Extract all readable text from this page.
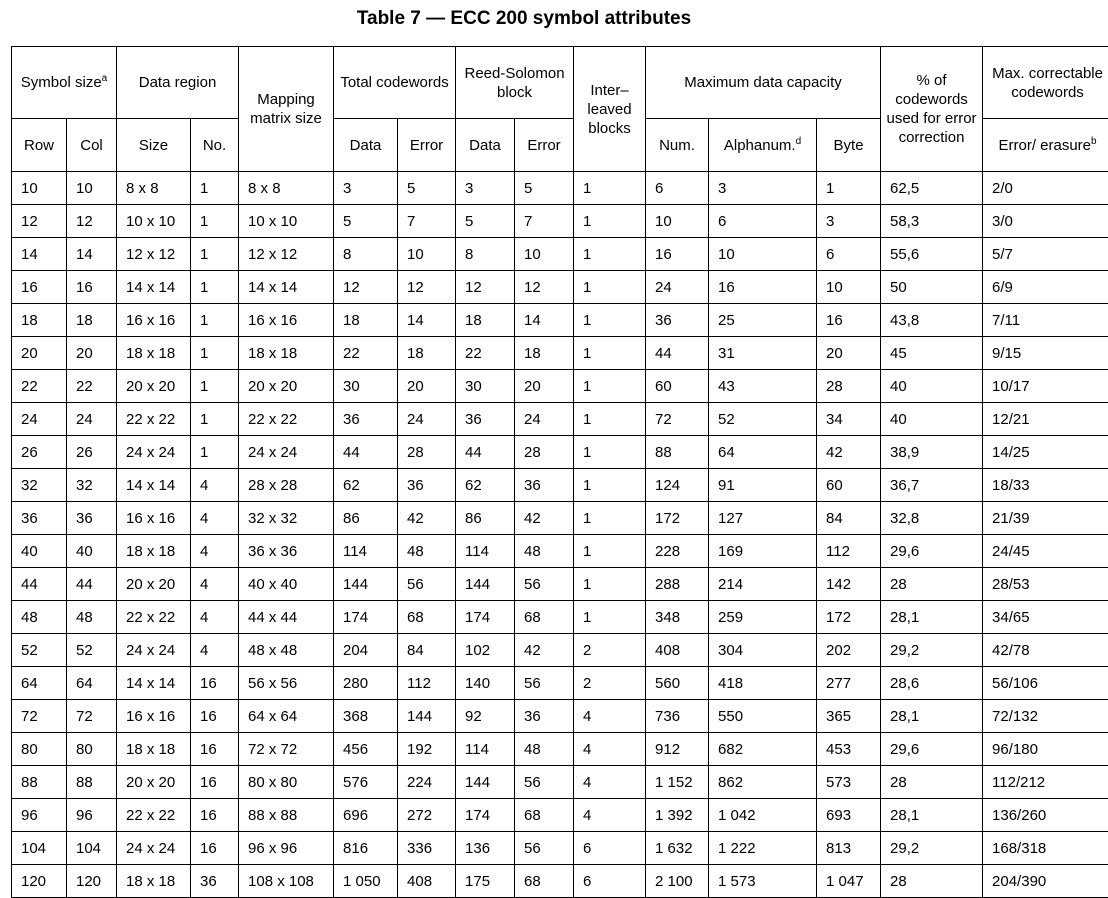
Table 7 — ECC 200 symbol attributes
Symbol size$^a$		Data region		Mapping matrix size	Total codewords		Reed-Solomon block		Inter–leaved blocks	Maximum data capacity			% of codewords used for error correction	Max. correctable codewords
Row	Col	Size	No.		Data	Error	Data	Error		Num.	Alphanum.$^d$	Byte		Error/ erasure$^b$
10	10	8 x 8	1	8 x 8	3	5	3	5	1	6	3	1	62,5	2/0
12	12	10 x 10	1	10 x 10	5	7	5	7	1	10	6	3	58,3	3/0
14	14	12 x 12	1	12 x 12	8	10	8	10	1	16	10	6	55,6	5/7
16	16	14 x 14	1	14 x 14	12	12	12	12	1	24	16	10	50	6/9
18	18	16 x 16	1	16 x 16	18	14	18	14	1	36	25	16	43,8	7/11
20	20	18 x 18	1	18 x 18	22	18	22	18	1	44	31	20	45	9/15
22	22	20 x 20	1	20 x 20	30	20	30	20	1	60	43	28	40	10/17
24	24	22 x 22	1	22 x 22	36	24	36	24	1	72	52	34	40	12/21
26	26	24 x 24	1	24 x 24	44	28	44	28	1	88	64	42	38,9	14/25
32	32	14 x 14	4	28 x 28	62	36	62	36	1	124	91	60	36,7	18/33
36	36	16 x 16	4	32 x 32	86	42	86	42	1	172	127	84	32,8	21/39
40	40	18 x 18	4	36 x 36	114	48	114	48	1	228	169	112	29,6	24/45
44	44	20 x 20	4	40 x 40	144	56	144	56	1	288	214	142	28	28/53
48	48	22 x 22	4	44 x 44	174	68	174	68	1	348	259	172	28,1	34/65
52	52	24 x 24	4	48 x 48	204	84	102	42	2	408	304	202	29,2	42/78
64	64	14 x 14	16	56 x 56	280	112	140	56	2	560	418	277	28,6	56/106
72	72	16 x 16	16	64 x 64	368	144	92	36	4	736	550	365	28,1	72/132
80	80	18 x 18	16	72 x 72	456	192	114	48	4	912	682	453	29,6	96/180
88	88	20 x 20	16	80 x 80	576	224	144	56	4	1 152	862	573	28	112/212
96	96	22 x 22	16	88 x 88	696	272	174	68	4	1 392	1 042	693	28,1	136/260
104	104	24 x 24	16	96 x 96	816	336	136	56	6	1 632	1 222	813	29,2	168/318
120	120	18 x 18	36	108 x 108	1 050	408	175	68	6	2 100	1 573	1 047	28	204/390
